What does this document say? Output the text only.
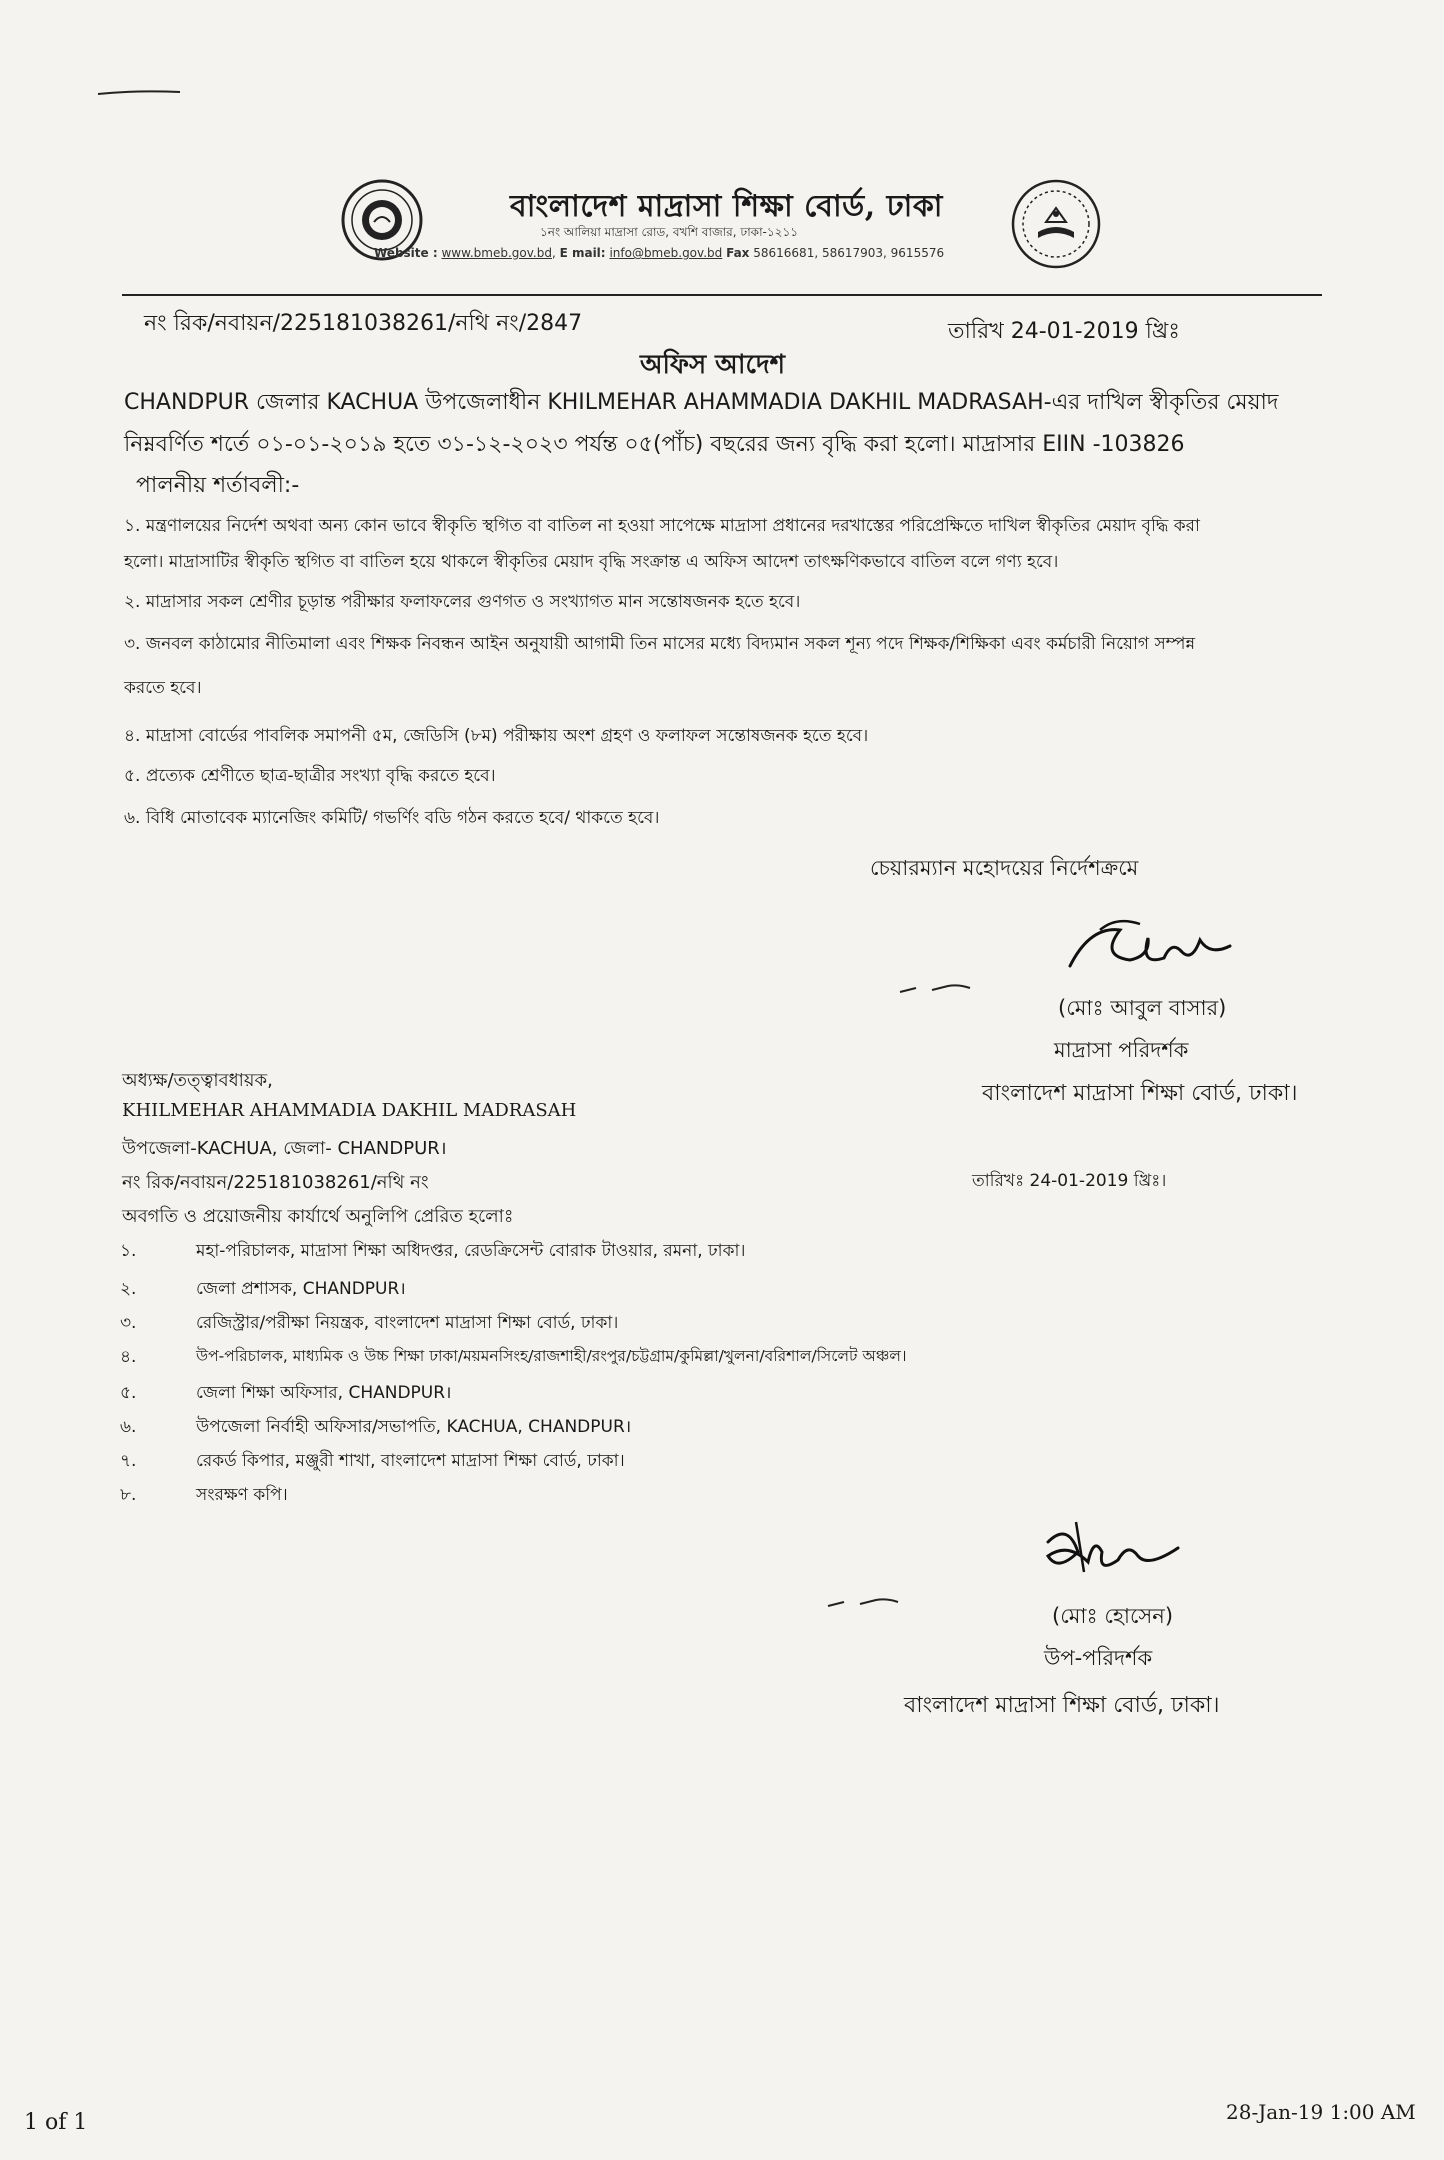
বাংলাদেশ মাদ্রাসা শিক্ষা বোর্ড, ঢাকা
১নং আলিয়া মাদ্রাসা রোড, বখশি বাজার, ঢাকা-১২১১
Website : www.bmeb.gov.bd, E mail: info@bmeb.gov.bd Fax 58616681, 58617903, 9615576
নং রিক/নবায়ন/225181038261/নথি নং/2847	তারিখ 24-01-2019 খ্রিঃ
অফিস আদেশ
CHANDPUR জেলার KACHUA উপজেলাধীন KHILMEHAR AHAMMADIA DAKHIL MADRASAH-এর দাখিল স্বীকৃতির মেয়াদ
নিম্নবর্ণিত শর্তে ০১-০১-২০১৯ হতে ৩১-১২-২০২৩ পর্যন্ত ০৫(পাঁচ) বছরের জন্য বৃদ্ধি করা হলো। মাদ্রাসার EIIN -103826
পালনীয় শর্তাবলী:-
১. মন্ত্রণালয়ের নির্দেশ অথবা অন্য কোন ভাবে স্বীকৃতি স্থগিত বা বাতিল না হওয়া সাপেক্ষে মাদ্রাসা প্রধানের দরখাস্তের পরিপ্রেক্ষিতে দাখিল স্বীকৃতির মেয়াদ বৃদ্ধি করা
হলো। মাদ্রাসাটির স্বীকৃতি স্থগিত বা বাতিল হয়ে থাকলে স্বীকৃতির মেয়াদ বৃদ্ধি সংক্রান্ত এ অফিস আদেশ তাৎক্ষণিকভাবে বাতিল বলে গণ্য হবে।
২. মাদ্রাসার সকল শ্রেণীর চূড়ান্ত পরীক্ষার ফলাফলের গুণগত ও সংখ্যাগত মান সন্তোষজনক হতে হবে।
৩. জনবল কাঠামোর নীতিমালা এবং শিক্ষক নিবন্ধন আইন অনুযায়ী আগামী তিন মাসের মধ্যে বিদ্যমান সকল শূন্য পদে শিক্ষক/শিক্ষিকা এবং কর্মচারী নিয়োগ সম্পন্ন
করতে হবে।
৪. মাদ্রাসা বোর্ডের পাবলিক সমাপনী ৫ম, জেডিসি (৮ম) পরীক্ষায় অংশ গ্রহণ ও ফলাফল সন্তোষজনক হতে হবে।
৫. প্রত্যেক শ্রেণীতে ছাত্র-ছাত্রীর সংখ্যা বৃদ্ধি করতে হবে।
৬. বিধি মোতাবেক ম্যানেজিং কমিটি/ গভর্ণিং বডি গঠন করতে হবে/ থাকতে হবে।
চেয়ারম্যান মহোদয়ের নির্দেশক্রমে
(মোঃ আবুল বাসার)
মাদ্রাসা পরিদর্শক
বাংলাদেশ মাদ্রাসা শিক্ষা বোর্ড, ঢাকা।
অধ্যক্ষ/তত্ত্বাবধায়ক,
KHILMEHAR AHAMMADIA DAKHIL MADRASAH
উপজেলা-KACHUA, জেলা- CHANDPUR।
নং রিক/নবায়ন/225181038261/নথি নং	তারিখঃ 24-01-2019 খ্রিঃ।
অবগতি ও প্রয়োজনীয় কার্যার্থে অনুলিপি প্রেরিত হলোঃ
১.	মহা-পরিচালক, মাদ্রাসা শিক্ষা অধিদপ্তর, রেডক্রিসেন্ট বোরাক টাওয়ার, রমনা, ঢাকা।
২.	জেলা প্রশাসক, CHANDPUR।
৩.	রেজিস্ট্রার/পরীক্ষা নিয়ন্ত্রক, বাংলাদেশ মাদ্রাসা শিক্ষা বোর্ড, ঢাকা।
৪.	উপ-পরিচালক, মাধ্যমিক ও উচ্চ শিক্ষা ঢাকা/ময়মনসিংহ/রাজশাহী/রংপুর/চট্টগ্রাম/কুমিল্লা/খুলনা/বরিশাল/সিলেট অঞ্চল।
৫.	জেলা শিক্ষা অফিসার, CHANDPUR।
৬.	উপজেলা নির্বাহী অফিসার/সভাপতি, KACHUA, CHANDPUR।
৭.	রেকর্ড কিপার, মঞ্জুরী শাখা, বাংলাদেশ মাদ্রাসা শিক্ষা বোর্ড, ঢাকা।
৮.	সংরক্ষণ কপি।
(মোঃ হোসেন)
উপ-পরিদর্শক
বাংলাদেশ মাদ্রাসা শিক্ষা বোর্ড, ঢাকা।
1 of 1	28-Jan-19 1:00 AM
